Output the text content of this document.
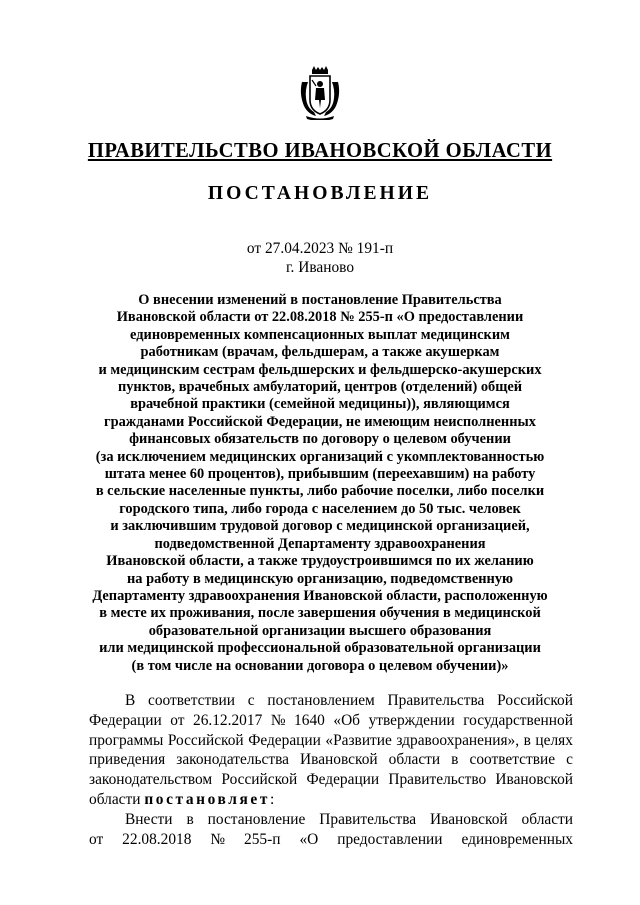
ПРАВИТЕЛЬСТВО ИВАНОВСКОЙ ОБЛАСТИ
ПОСТАНОВЛЕНИЕ
от 27.04.2023 № 191-п
г. Иваново
О внесении изменений в постановление Правительства
Ивановской области от 22.08.2018 № 255-п «О предоставлении
единовременных компенсационных выплат медицинским
работникам (врачам, фельдшерам, а также акушеркам
и медицинским сестрам фельдшерских и фельдшерско-акушерских
пунктов, врачебных амбулаторий, центров (отделений) общей
врачебной практики (семейной медицины)), являющимся
гражданами Российской Федерации, не имеющим неисполненных
финансовых обязательств по договору о целевом обучении
(за исключением медицинских организаций с укомплектованностью
штата менее 60 процентов), прибывшим (переехавшим) на работу
в сельские населенные пункты, либо рабочие поселки, либо поселки
городского типа, либо города с населением до 50 тыс. человек
и заключившим трудовой договор с медицинской организацией,
подведомственной Департаменту здравоохранения
Ивановской области, а также трудоустроившимся по их желанию
на работу в медицинскую организацию, подведомственную
Департаменту здравоохранения Ивановской области, расположенную
в месте их проживания, после завершения обучения в медицинской
образовательной организации высшего образования
или медицинской профессиональной образовательной организации
(в том числе на основании договора о целевом обучении)»
В соответствии с постановлением Правительства Российской
Федерации от 26.12.2017 № 1640 «Об утверждении государственной
программы Российской Федерации «Развитие здравоохранения», в целях
приведения законодательства Ивановской области в соответствие с
законодательством Российской Федерации Правительство Ивановской
области постановляет:
Внести в постановление Правительства Ивановской области
от 22.08.2018 № 255-п «О предоставлении единовременных
